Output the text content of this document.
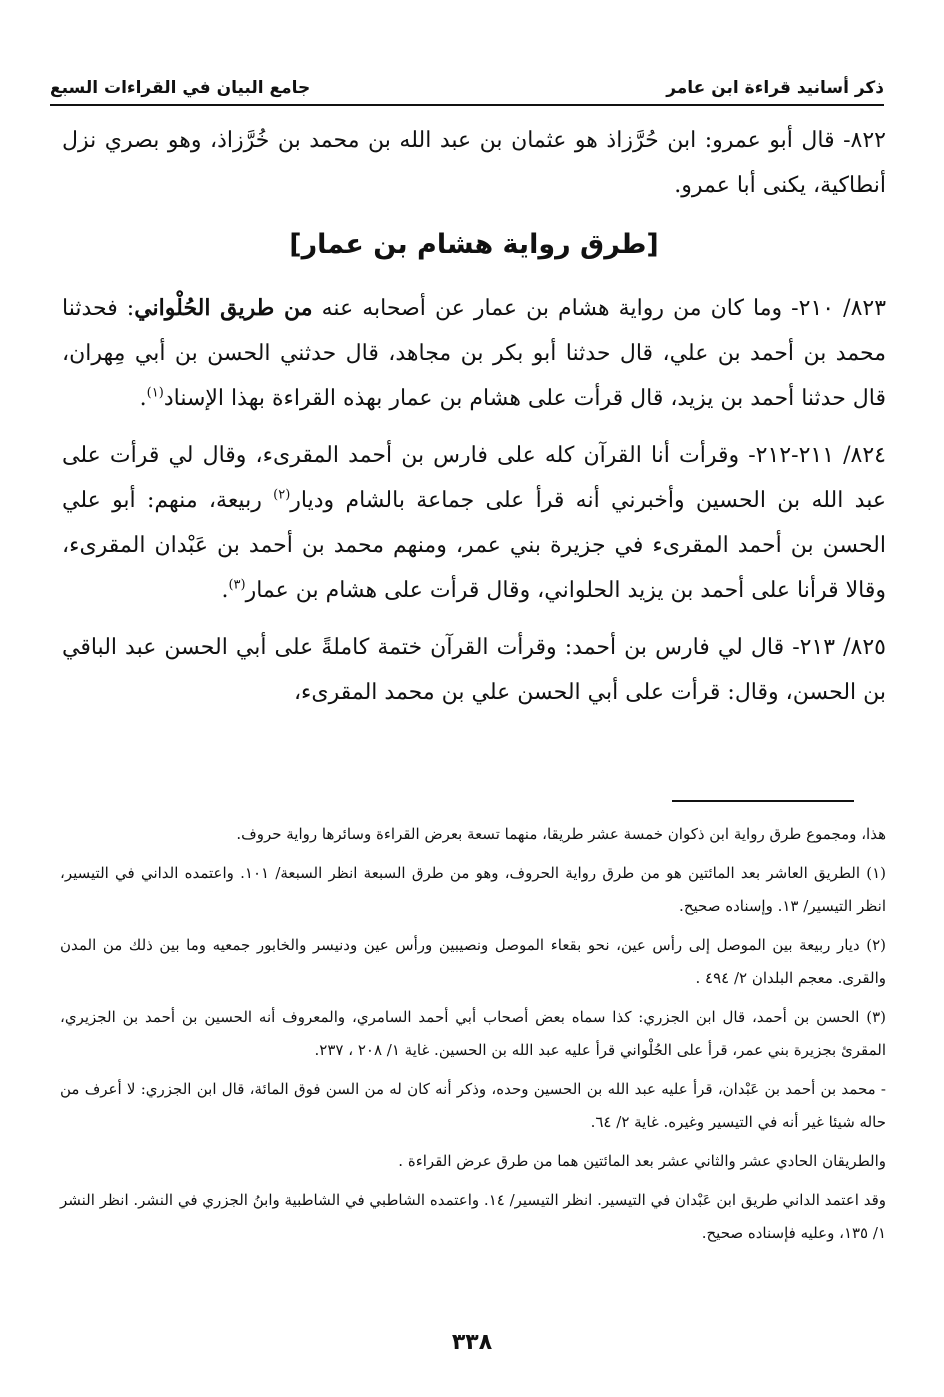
ذكر أسانيد قراءة ابن عامر
جامع البيان في القراءات السبع

٨٢٢- قال أبو عمرو: ابن حُرَّزاذ هو عثمان بن عبد الله بن محمد بن خُرَّزاذ، وهو بصري نزل أنطاكية، يكنى أبا عمرو.

[طرق رواية هشام بن عمار]

٨٢٣/ ٢١٠- وما كان من رواية هشام بن عمار عن أصحابه عنه من طريق الحُلْواني: فحدثنا محمد بن أحمد بن علي، قال حدثنا أبو بكر بن مجاهد، قال حدثني الحسن بن أبي مِهران، قال حدثنا أحمد بن يزيد، قال قرأت على هشام بن عمار بهذه القراءة بهذا الإسناد$^{(١)}$.

٨٢٤/ ٢١١-٢١٢- وقرأت أنا القرآن كله على فارس بن أحمد المقرىء، وقال لي قرأت على عبد الله بن الحسين وأخبرني أنه قرأ على جماعة بالشام وديار$^{(٢)}$ ربيعة، منهم: أبو علي الحسن بن أحمد المقرىء في جزيرة بني عمر، ومنهم محمد بن أحمد بن عَبْدان المقرىء، وقالا قرأنا على أحمد بن يزيد الحلواني، وقال قرأت على هشام بن عمار$^{(٣)}$.

٨٢٥/ ٢١٣- قال لي فارس بن أحمد: وقرأت القرآن ختمة كاملةً على أبي الحسن عبد الباقي بن الحسن، وقال: قرأت على أبي الحسن علي بن محمد المقرىء،

هذا، ومجموع طرق رواية ابن ذكوان خمسة عشر طريقا، منهما تسعة بعرض القراءة وسائرها رواية حروف.

(١) الطريق العاشر بعد المائتين هو من طرق رواية الحروف، وهو من طرق السبعة انظر السبعة/ ١٠١. واعتمده الداني في التيسير، انظر التيسير/ ١٣. وإسناده صحيح.

(٢) ديار ربيعة بين الموصل إلى رأس عين، نحو بقعاء الموصل ونصيبين ورأس عين ودنيسر والخابور جمعيه وما بين ذلك من المدن والقرى. معجم البلدان ٢/ ٤٩٤ .

(٣) الحسن بن أحمد، قال ابن الجزري: كذا سماه بعض أصحاب أبي أحمد السامري، والمعروف أنه الحسين بن أحمد بن الجزيري، المقرئ بجزيرة بني عمر، قرأ على الحُلْواني قرأ عليه عبد الله بن الحسين. غاية ١/ ٢٠٨ ، ٢٣٧.

- محمد بن أحمد بن عَبْدان، قرأ عليه عبد الله بن الحسين وحده، وذكر أنه كان له من السن فوق المائة، قال ابن الجزري: لا أعرف من حاله شيئا غير أنه في التيسير وغيره. غاية ٢/ ٦٤.

والطريقان الحادي عشر والثاني عشر بعد المائتين هما من طرق عرض القراءة .

وقد اعتمد الداني طريق ابن عَبْدان في التيسير. انظر التيسير/ ١٤. واعتمده الشاطبي في الشاطبية وابنُ الجزري في النشر. انظر النشر ١/ ١٣٥، وعليه فإسناده صحيح.

٣٣٨
